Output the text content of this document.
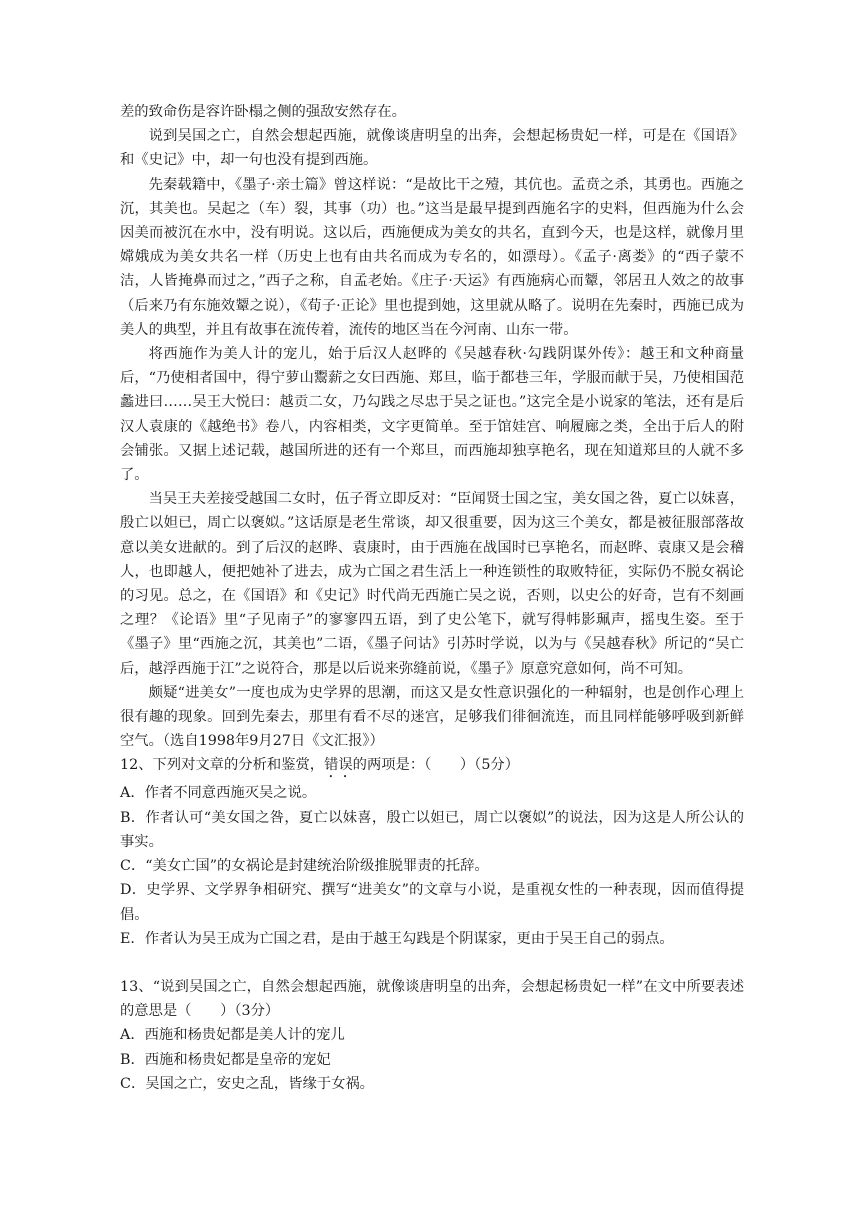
差的致命伤是容许卧榻之侧的强敌安然存在。

说到吴国之亡，自然会想起西施，就像谈唐明皇的出奔，会想起杨贵妃一样，可是在《国语》和《史记》中，却一句也没有提到西施。

先秦载籍中，《墨子·亲士篇》曾这样说：“是故比干之殪，其伉也。孟贲之杀，其勇也。西施之沉，其美也。吴起之（车）裂，其事（功）也。”这当是最早提到西施名字的史料，但西施为什么会因美而被沉在水中，没有明说。这以后，西施便成为美女的共名，直到今天，也是这样，就像月里嫦娥成为美女共名一样（历史上也有由共名而成为专名的，如漂母）。《孟子·离娄》的“西子蒙不洁，人皆掩鼻而过之，”西子之称，自孟老始。《庄子·天运》有西施病心而颦，邻居丑人效之的故事（后来乃有东施效颦之说），《荀子·正论》里也提到她，这里就从略了。说明在先秦时，西施已成为美人的典型，并且有故事在流传着，流传的地区当在今河南、山东一带。

将西施作为美人计的宠儿，始于后汉人赵晔的《吴越春秋·勾践阴谋外传》：越王和文种商量后，“乃使相者国中，得宁萝山鬻薪之女曰西施、郑旦，临于都巷三年，学服而献于吴，乃使相国范蠡进曰……吴王大悦曰：越贡二女，乃勾践之尽忠于吴之证也。”这完全是小说家的笔法，还有是后汉人袁康的《越绝书》卷八，内容相类，文字更简单。至于馆娃宫、响履廊之类，全出于后人的附会铺张。又据上述记载，越国所进的还有一个郑旦，而西施却独享艳名，现在知道郑旦的人就不多了。

当吴王夫差接受越国二女时，伍子胥立即反对：“臣闻贤士国之宝，美女国之咎，夏亡以妹喜，殷亡以妲已，周亡以褒姒。”这话原是老生常谈，却又很重要，因为这三个美女，都是被征服部落故意以美女进献的。到了后汉的赵晔、袁康时，由于西施在战国时已享艳名，而赵晔、袁康又是会稽人，也即越人，便把她补了进去，成为亡国之君生活上一种连锁性的取败特征，实际仍不脱女祸论的习见。总之，在《国语》和《史记》时代尚无西施亡吴之说，否则，以史公的好奇，岂有不刻画之理？《论语》里“子见南子”的寥寥四五语，到了史公笔下，就写得帏影珮声，摇曳生姿。至于《墨子》里“西施之沉，其美也”二语，《墨子问诂》引苏时学说，以为与《吴越春秋》所记的“吴亡后，越浮西施于江”之说符合，那是以后说来弥缝前说，《墨子》原意究意如何，尚不可知。

颇疑“进美女”一度也成为史学界的思潮，而这又是女性意识强化的一种辐射，也是创作心理上很有趣的现象。回到先秦去，那里有看不尽的迷宫，足够我们徘徊流连，而且同样能够呼吸到新鲜空气。（选自1998年9月27日《文汇报》）

12、下列对文章的分析和鉴赏，错误的两项是：（　　）（5分）

A．作者不同意西施灭吴之说。

B．作者认可“美女国之咎，夏亡以妹喜，殷亡以妲已，周亡以褒姒”的说法，因为这是人所公认的事实。

C．“美女亡国”的女祸论是封建统治阶级推脱罪责的托辞。

D．史学界、文学界争相研究、撰写“进美女”的文章与小说，是重视女性的一种表现，因而值得提倡。

E．作者认为吴王成为亡国之君，是由于越王勾践是个阴谋家，更由于吴王自己的弱点。

13、“说到吴国之亡，自然会想起西施，就像谈唐明皇的出奔，会想起杨贵妃一样”在文中所要表述的意思是（　　）（3分）

A．西施和杨贵妃都是美人计的宠儿

B．西施和杨贵妃都是皇帝的宠妃

C．吴国之亡，安史之乱，皆缘于女祸。
